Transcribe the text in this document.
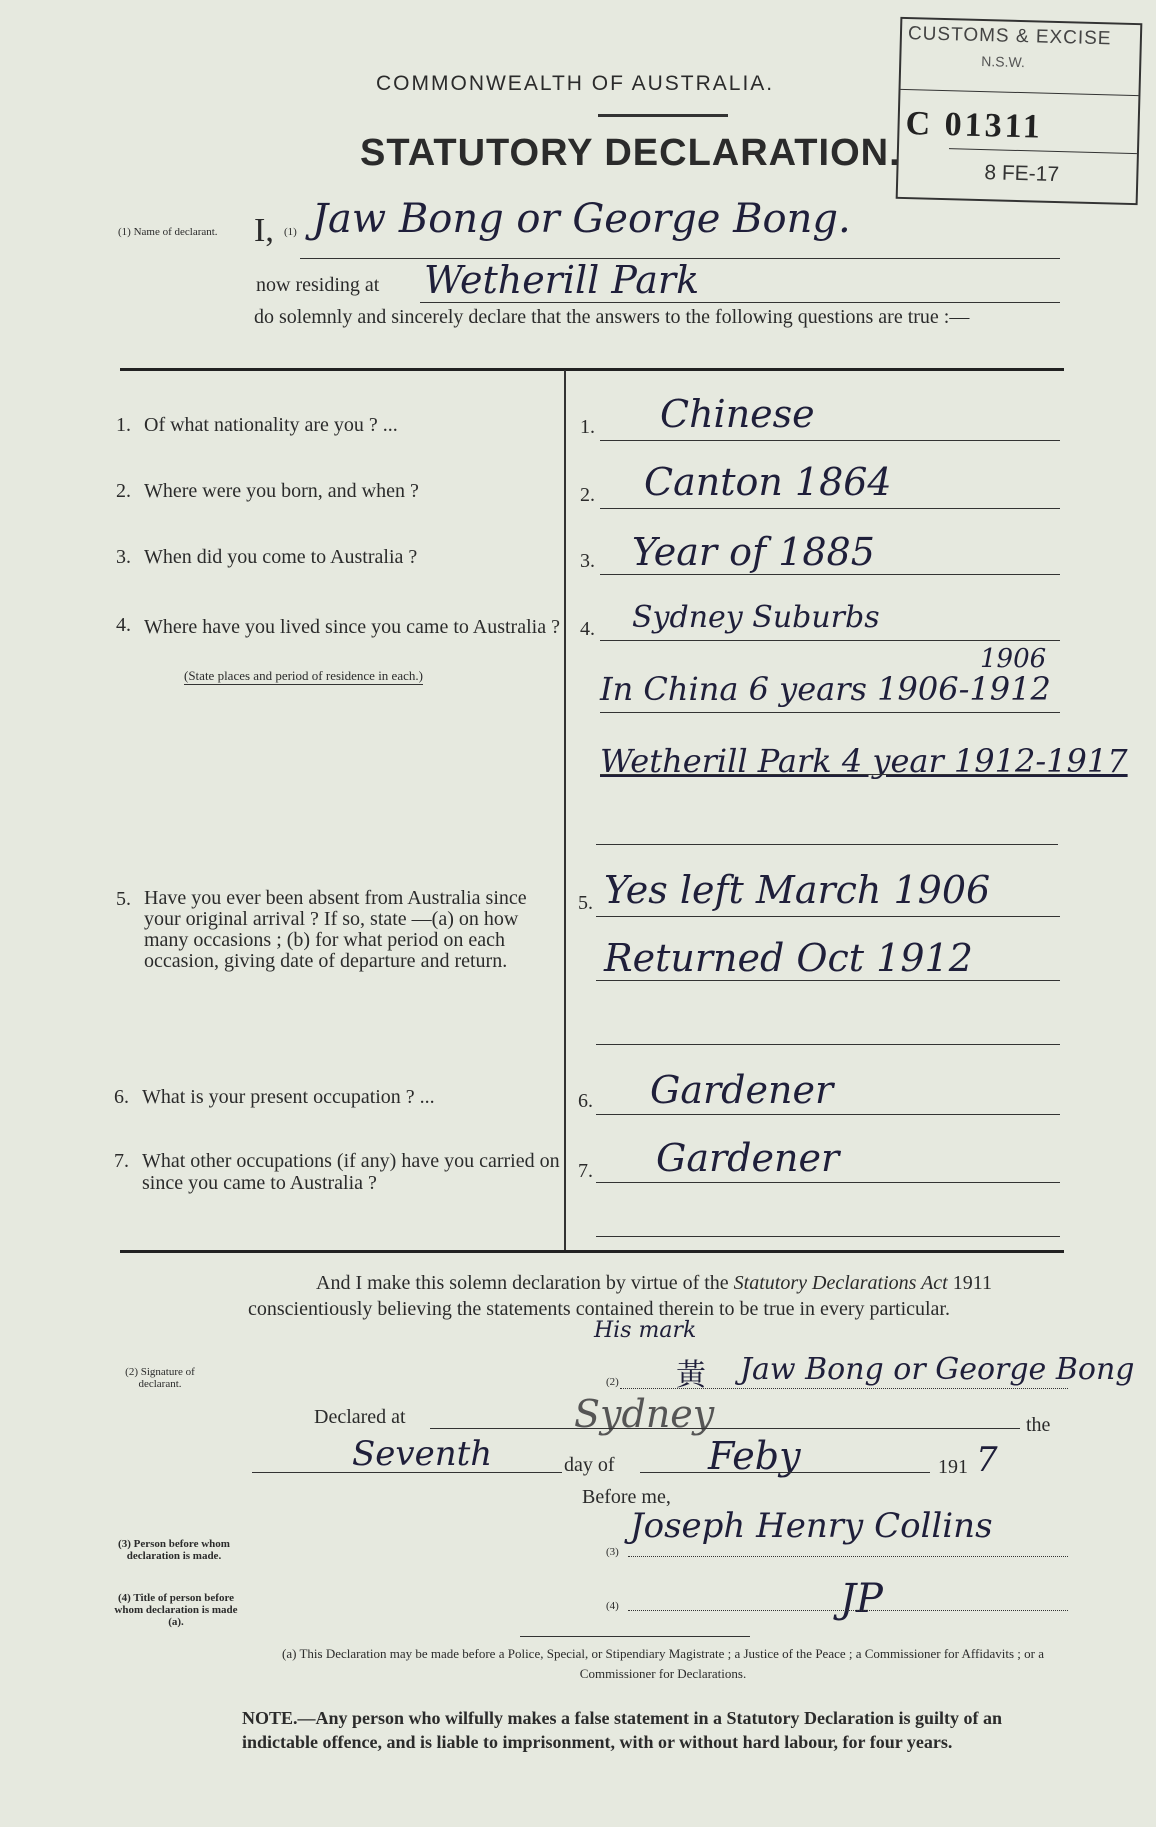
COMMONWEALTH OF AUSTRALIA.
STATUTORY DECLARATION.
CUSTOMS & EXCISE
N.S.W.
C 01311
8 FE-17
(1) Name of declarant. I, (1) Jaw Bong or George Bong.
now residing at Wetherill Park
do solemnly and sincerely declare that the answers to the following questions are true :—
1. Of what nationality are you ? ...	1. Chinese
2. Where were you born, and when ?	2. Canton 1864
3. When did you come to Australia ?	3. Year of 1885
4. Where have you lived since you came to Australia ?
(State places and period of residence in each.)
4. Sydney Suburbs
1906
In China 6 years 1906-1912
Wetherill Park 4 year 1912-1917
5. Have you ever been absent from Australia since your original arrival ? If so, state —(a) on how many occasions ; (b) for what period on each occasion, giving date of departure and return.
5. Yes left March 1906
Returned Oct 1912
6. What is your present occupation ? ...	6. Gardener
7. What other occupations (if any) have you carried on since you came to Australia ?
7. Gardener
And I make this solemn declaration by virtue of the Statutory Declarations Act 1911 conscientiously believing the statements contained therein to be true in every particular.
(2) Signature of declarant.
His mark
黃
(2)	Jaw Bong or George Bong
Declared at	Sydney	the
Seventh	day of Feby	191 7
Before me,
(3) Person before whom declaration is made.	(3)
Joseph Henry Collins
(4) Title of person before whom declaration is made (a).
(4)	JP
(a) This Declaration may be made before a Police, Special, or Stipendiary Magistrate ; a Justice of the Peace ; a Commissioner for Affidavits ; or a Commissioner for Declarations.
NOTE.—Any person who wilfully makes a false statement in a Statutory Declaration is guilty of an indictable offence, and is liable to imprisonment, with or without hard labour, for four years.
